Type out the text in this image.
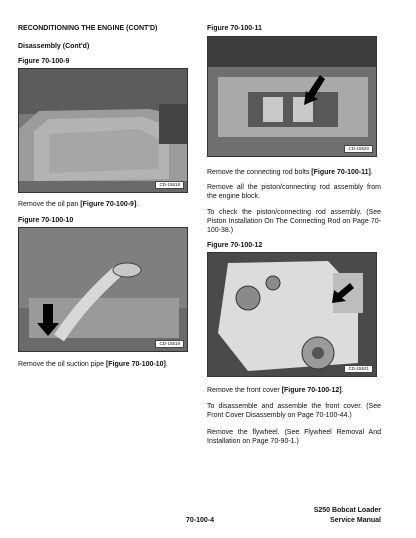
RECONDITIONING THE ENGINE (CONT'D)
Disassembly (Cont'd)
Figure 70-100-9
CD-15518
Remove the oil pan [Figure 70-100-9].
Figure 70-100-10
CD-15519
Remove the oil suction pipe [Figure 70-100-10].
Figure 70-100-11
CD-15520
Remove the connecting rod bolts [Figure 70-100-11].
Remove all the piston/connecting rod assembly from the engine block.
To check the piston/connecting rod assembly. (See Piston Installation On The Connecting Rod on Page 70-100-38.)
Figure 70-100-12
CD-15521
Remove the front cover [Figure 70-100-12].
To disassemble and assemble the front cover. (See Front Cover Disassembly on Page 70-100-44.)
Remove the flywheel. (See Flywheel Removal And Installation on Page 70-90-1.)
70-100-4
S250 Bobcat Loader
Service Manual
